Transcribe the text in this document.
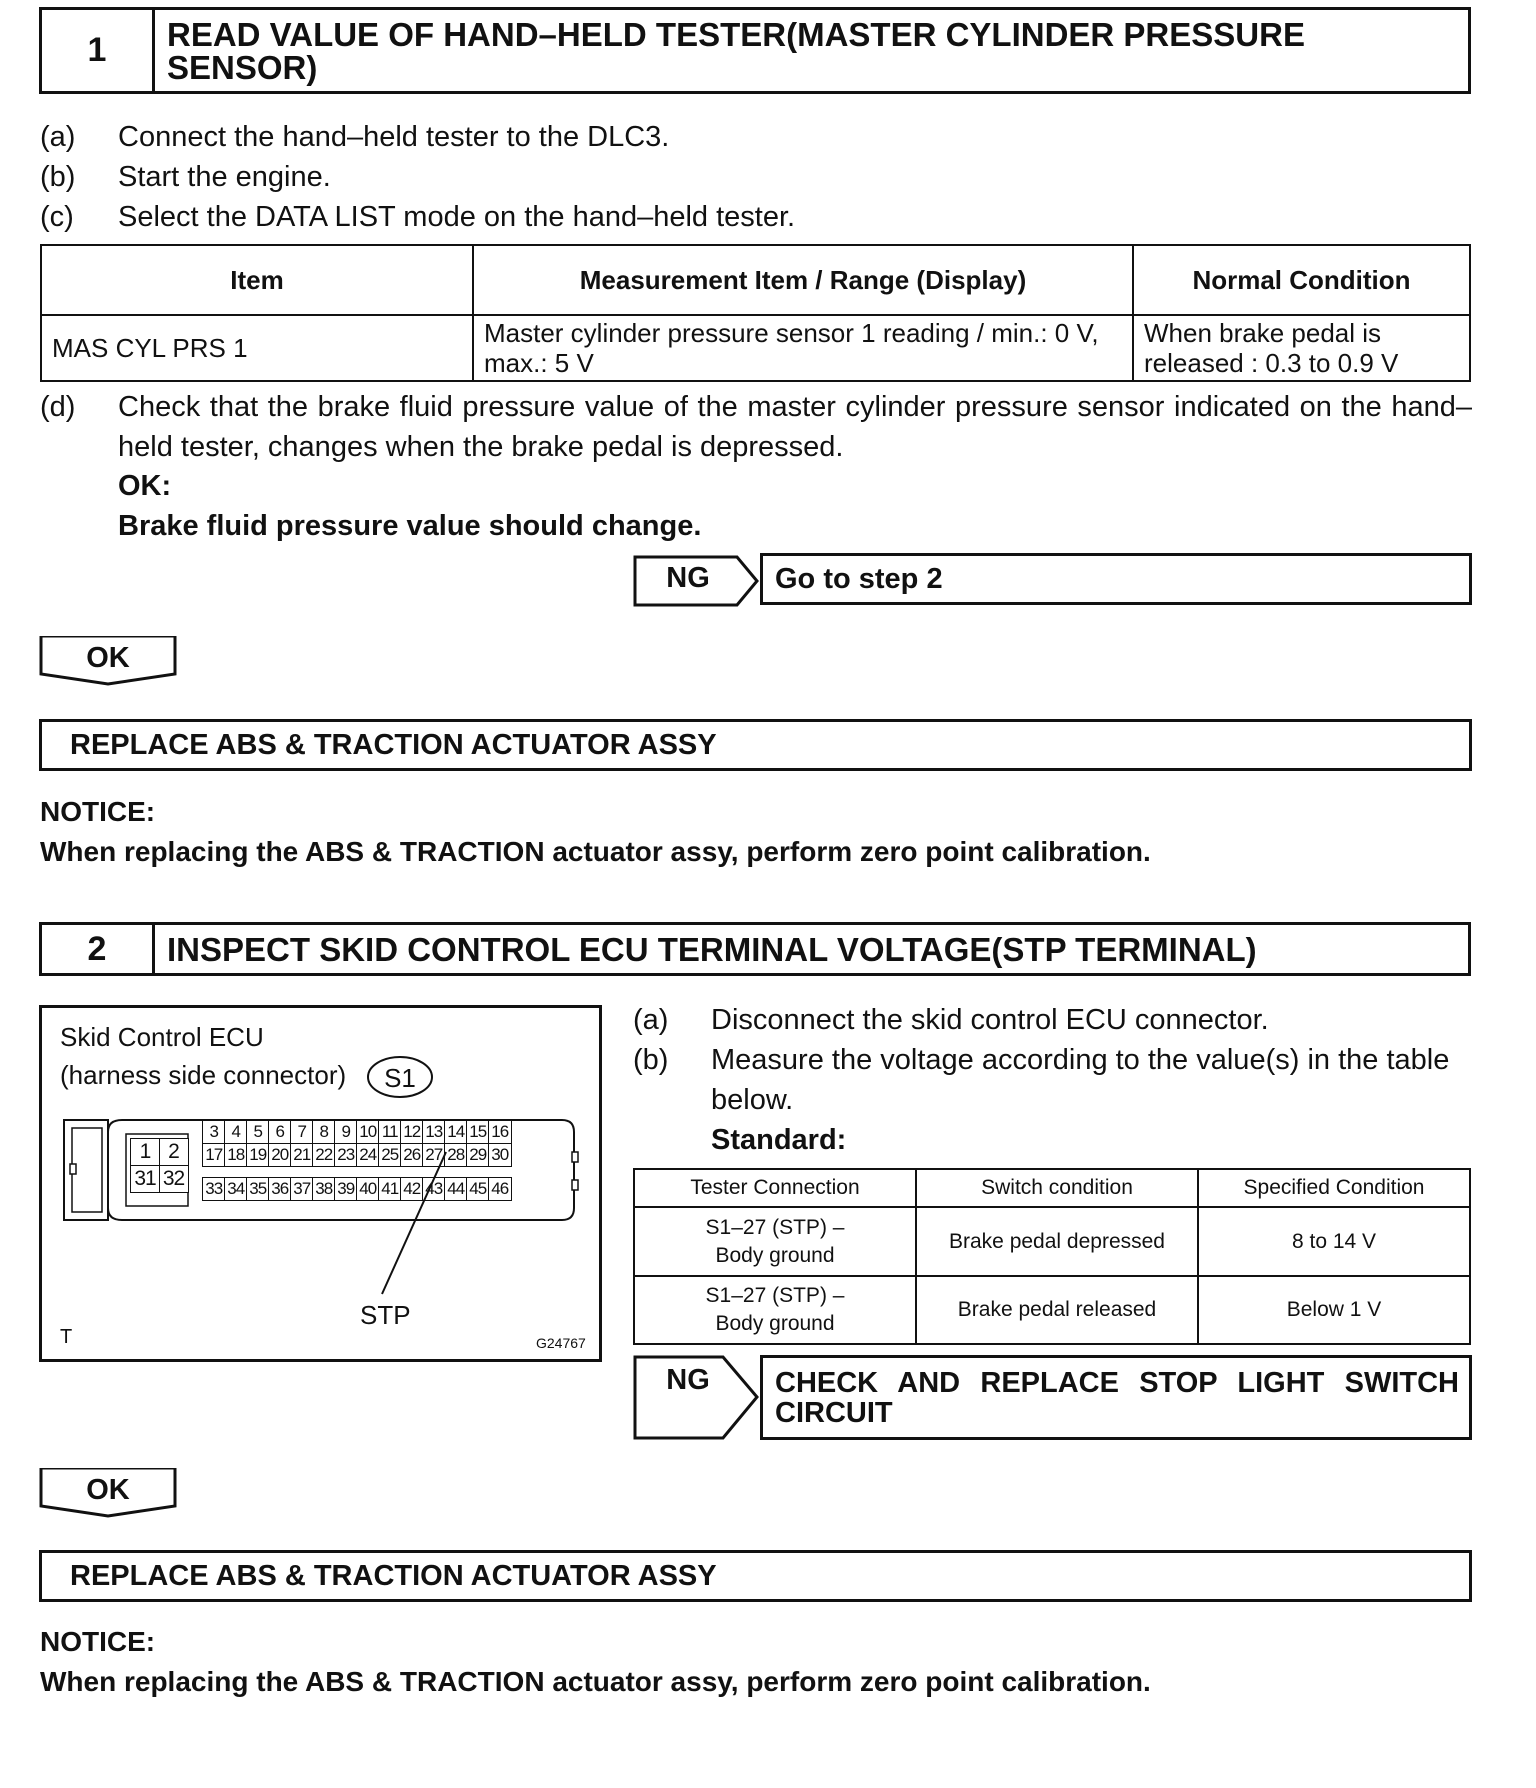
1	READ VALUE OF HAND–HELD TESTER(MASTER CYLINDER PRESSURE SENSOR)
(a) Connect the hand–held tester to the DLC3.
(b) Start the engine.
(c) Select the DATA LIST mode on the hand–held tester.
Item	Measurement Item / Range (Display)	Normal Condition
MAS CYL PRS 1	Master cylinder pressure sensor 1 reading / min.: 0 V, max.: 5 V	When brake pedal is released : 0.3 to 0.9 V
(d) Check that the brake fluid pressure value of the master cylinder pressure sensor indicated on the hand–held tester, changes when the brake pedal is depressed.
OK:
Brake fluid pressure value should change.
NG	Go to step 2
OK
REPLACE ABS & TRACTION ACTUATOR ASSY
NOTICE:
When replacing the ABS & TRACTION actuator assy, perform zero point calibration.
2	INSPECT SKID CONTROL ECU TERMINAL VOLTAGE(STP TERMINAL)
Skid Control ECU
(harness side connector)	S1
1 2
31 32
3 4 5 6 7 8 9 10 11 12 13 14 15 16
17 18 19 20 21 22 23 24 25 26 27 28 29 30
33 34 35 36 37 38 39 40 41 42 43 44 45 46
STP
T	G24767
(a) Disconnect the skid control ECU connector.
(b) Measure the voltage according to the value(s) in the table below.
Standard:
Tester Connection	Switch condition	Specified Condition
S1–27 (STP) – Body ground	Brake pedal depressed	8 to 14 V
S1–27 (STP) – Body ground	Brake pedal released	Below 1 V
NG	CHECK AND REPLACE STOP LIGHT SWITCH CIRCUIT
OK
REPLACE ABS & TRACTION ACTUATOR ASSY
NOTICE:
When replacing the ABS & TRACTION actuator assy, perform zero point calibration.
